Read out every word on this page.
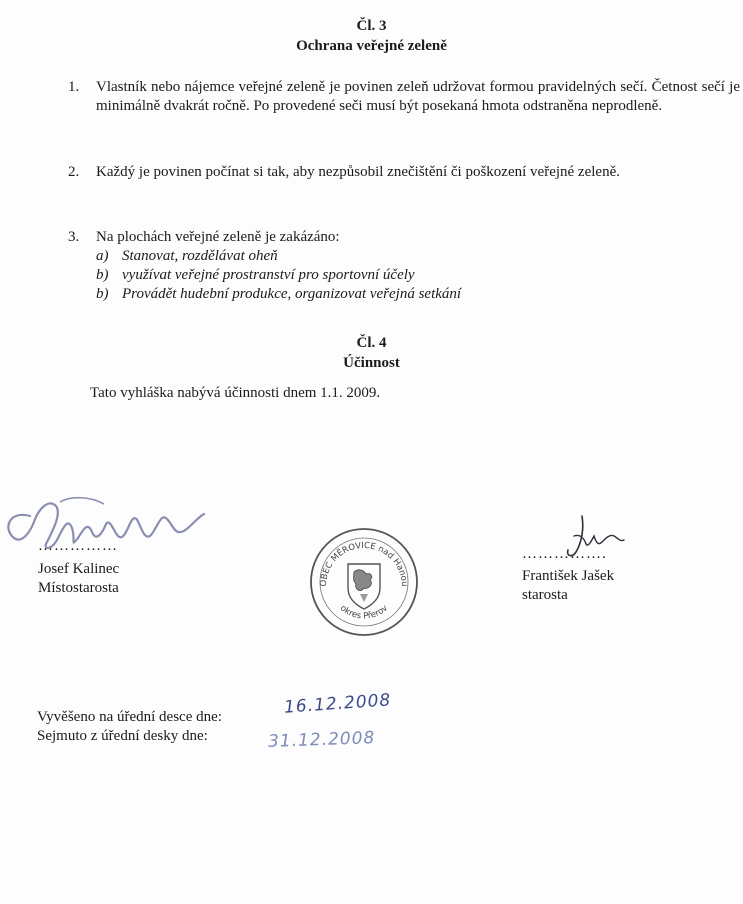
Čl. 3
Ochrana veřejné zeleně
1.	Vlastník nebo nájemce veřejné zeleně je povinen zeleň udržovat formou pravidelných sečí. Četnost sečí je minimálně dvakrát ročně. Po provedené seči musí být posekaná hmota odstraněna neprodleně.
2.	Každý je povinen počínat si tak, aby nezpůsobil znečištění či poškození veřejné zeleně.
3.	Na plochách veřejné zeleně je zakázáno:
a) Stanovat, rozdělávat oheň
b) využívat veřejné prostranství pro sportovní účely
b) Provádět hudební produkce, organizovat veřejná setkání
Čl. 4
Účinnost
Tato vyhláška nabývá účinnosti dnem 1.1. 2009.
……………
Josef Kalinec
Místostarosta	OBEC MĚROVICE nad Hanou
okres Přerov
…………….
František Jašek
starosta
Vyvěšeno na úřední desce dne:	16.12.2008
Sejmuto z úřední desky dne:	31.12.2008
